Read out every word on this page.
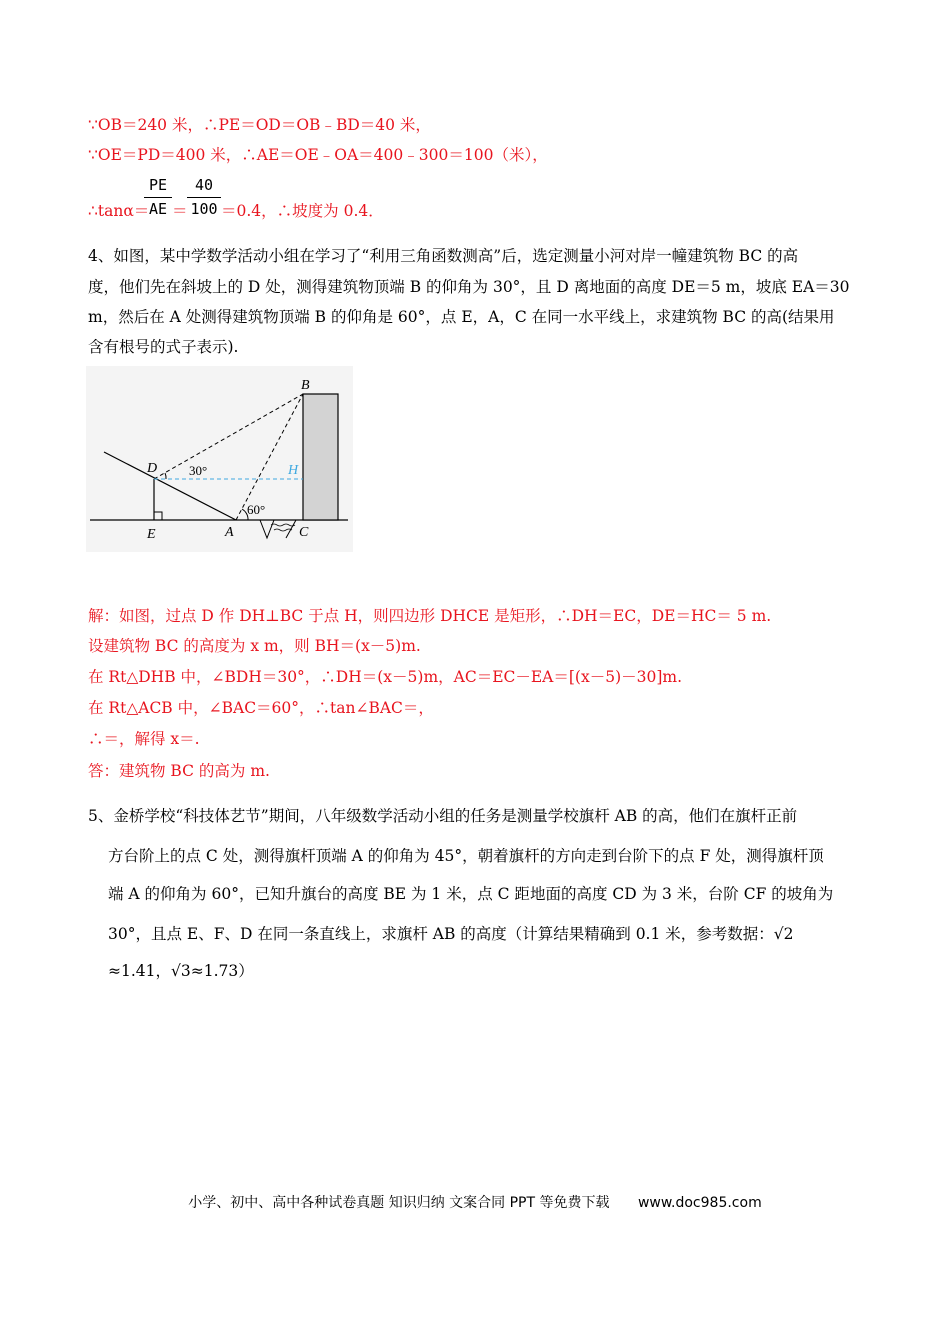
∵OB＝240 米，∴PE＝OD＝OB﹣BD＝40 米，
∵OE＝PD＝400 米，∴AE＝OE﹣OA＝400﹣300＝100（米），
∴tanα＝
PE
AE ＝
40
100 ＝0.4，∴坡度为 0.4．
4、如图，某中学数学活动小组在学习了“利用三角函数测高”后，选定测量小河对岸一幢建筑物 BC 的高
度，他们先在斜坡上的 D 处，测得建筑物顶端 B 的仰角为 30°，且 D 离地面的高度 DE＝5 m，坡底 EA＝30
m，然后在 A 处测得建筑物顶端 B 的仰角是 60°，点 E，A，C 在同一水平线上，求建筑物 BC 的高(结果用
含有根号的式子表示).
B
D	H
E	A	C
30°
60°
解：如图，过点 D 作 DH⊥BC 于点 H，则四边形 DHCE 是矩形，∴DH＝EC，DE＝HC＝ 5 m.
设建筑物 BC 的高度为 x m，则 BH＝(x－5)m.
在 Rt△DHB 中，∠BDH＝30°，∴DH＝(x－5)m，AC＝EC－EA＝[(x－5)－30]m.
在 Rt△ACB 中，∠BAC＝60°，∴tan∠BAC＝，
∴＝，解得 x＝.
答：建筑物 BC 的高为 m.
5、金桥学校“科技体艺节”期间，八年级数学活动小组的任务是测量学校旗杆 AB 的高，他们在旗杆正前
方台阶上的点 C 处，测得旗杆顶端 A 的仰角为 45°，朝着旗杆的方向走到台阶下的点 F 处，测得旗杆顶
端 A 的仰角为 60°，已知升旗台的高度 BE 为 1 米，点 C 距地面的高度 CD 为 3 米，台阶 CF 的坡角为
30°，且点 E、F、D 在同一条直线上，求旗杆 AB 的高度（计算结果精确到 0.1 米，参考数据：√2
≈1.41，√3≈1.73）
小学、初中、高中各种试卷真题 知识归纳 文案合同 PPT 等免费下载 www.doc985.com
